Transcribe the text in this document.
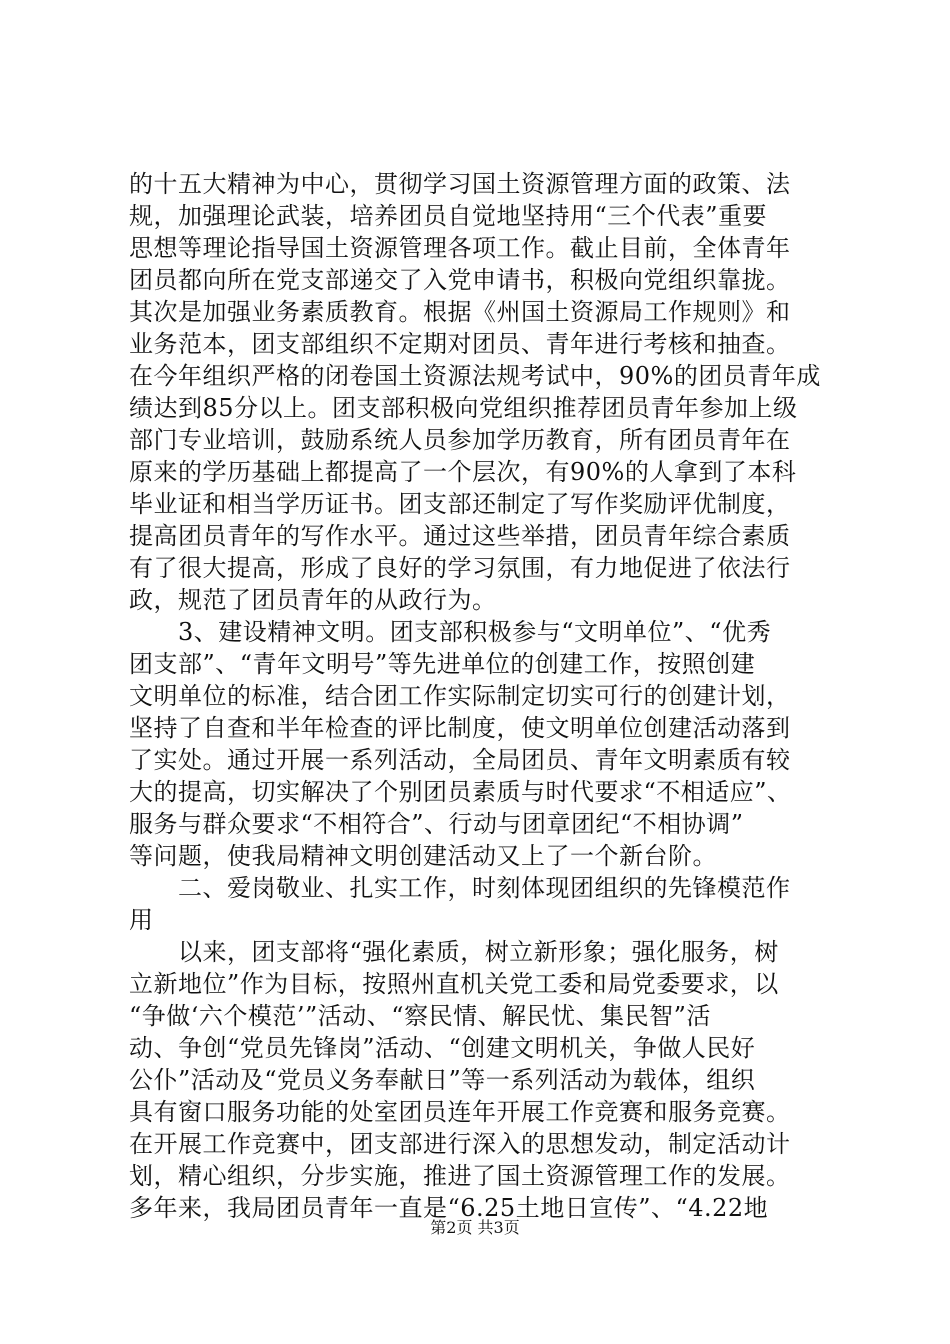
的十五大精神为中心，贯彻学习国土资源管理方面的政策、法
规，加强理论武装，培养团员自觉地坚持用“三个代表”重要
思想等理论指导国土资源管理各项工作。截止目前，全体青年
团员都向所在党支部递交了入党申请书，积极向党组织靠拢。
其次是加强业务素质教育。根据《州国土资源局工作规则》和
业务范本，团支部组织不定期对团员、青年进行考核和抽查。
在今年组织严格的闭卷国土资源法规考试中，90%的团员青年成
绩达到85分以上。团支部积极向党组织推荐团员青年参加上级
部门专业培训，鼓励系统人员参加学历教育，所有团员青年在
原来的学历基础上都提高了一个层次，有90%的人拿到了本科
毕业证和相当学历证书。团支部还制定了写作奖励评优制度，
提高团员青年的写作水平。通过这些举措，团员青年综合素质
有了很大提高，形成了良好的学习氛围，有力地促进了依法行
政，规范了团员青年的从政行为。
　　3、建设精神文明。团支部积极参与“文明单位”、“优秀
团支部”、“青年文明号”等先进单位的创建工作，按照创建
文明单位的标准，结合团工作实际制定切实可行的创建计划，
坚持了自查和半年检查的评比制度，使文明单位创建活动落到
了实处。通过开展一系列活动，全局团员、青年文明素质有较
大的提高，切实解决了个别团员素质与时代要求“不相适应”、
服务与群众要求“不相符合”、行动与团章团纪“不相协调”
等问题，使我局精神文明创建活动又上了一个新台阶。
　　二、爱岗敬业、扎实工作，时刻体现团组织的先锋模范作
用
　　以来，团支部将“强化素质，树立新形象；强化服务，树
立新地位”作为目标，按照州直机关党工委和局党委要求，以
“争做‘六个模范’”活动、“察民情、解民忧、集民智”活
动、争创“党员先锋岗”活动、“创建文明机关，争做人民好
公仆”活动及“党员义务奉献日”等一系列活动为载体，组织
具有窗口服务功能的处室团员连年开展工作竞赛和服务竞赛。
在开展工作竞赛中，团支部进行深入的思想发动，制定活动计
划，精心组织，分步实施，推进了国土资源管理工作的发展。
多年来，我局团员青年一直是“6.25土地日宣传”、“4.22地
第2页 共3页
